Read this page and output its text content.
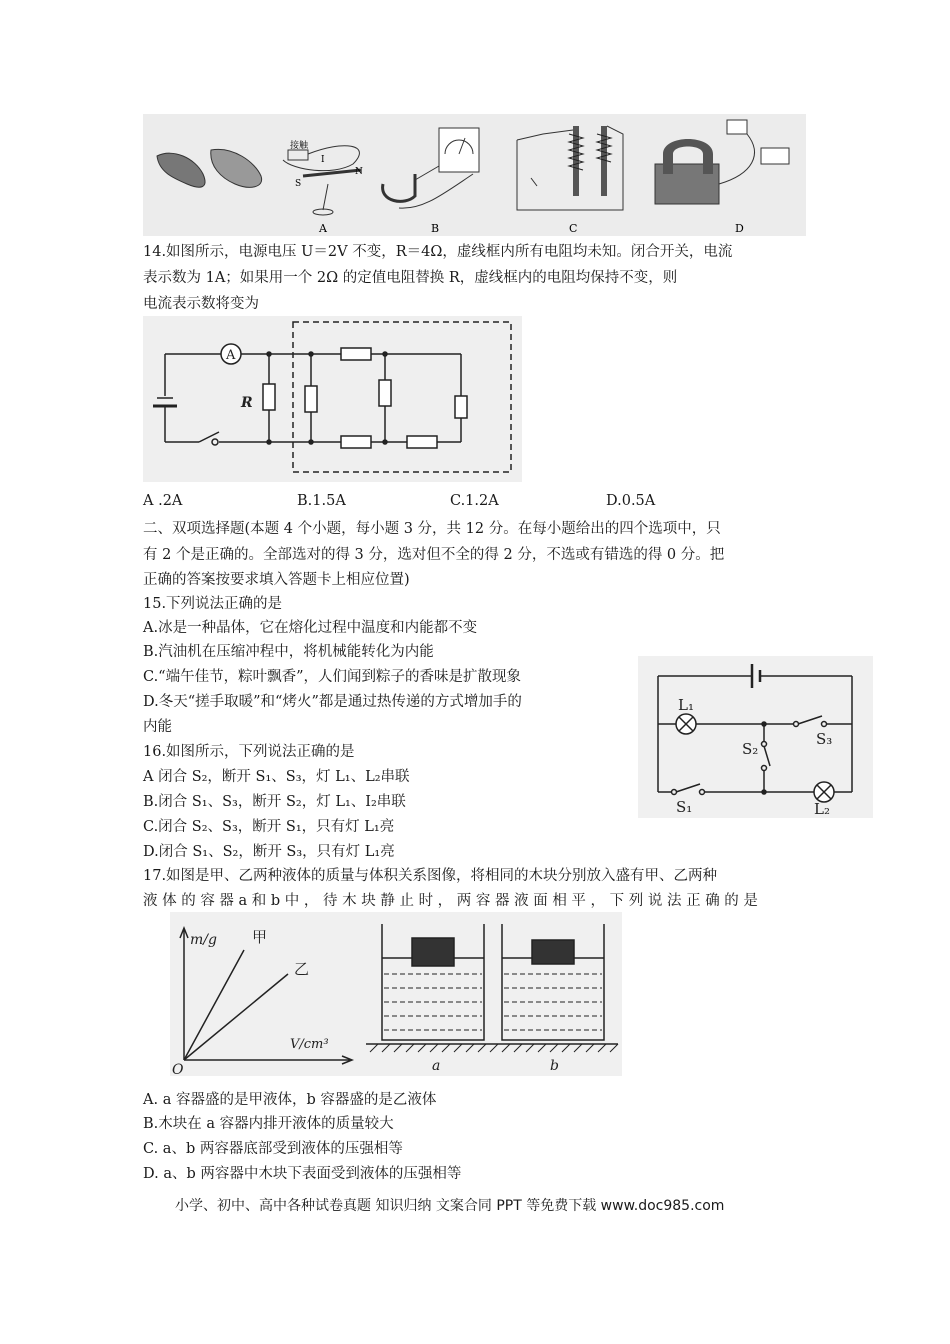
接触
S
N
I
A	B	C	D
14.如图所示，电源电压 U＝2V 不变，R＝4Ω，虚线框内所有电阻均未知。闭合开关，电流
表示数为 1A；如果用一个 2Ω 的定值电阻替换 R，虚线框内的电阻均保持不变，则
电流表示数将变为
A
R
A .2A	B.1.5A	C.1.2A	D.0.5A
二、双项选择题(本题 4 个小题，每小题 3 分，共 12 分。在每小题给出的四个选项中，只
有 2 个是正确的。全部选对的得 3 分，选对但不全的得 2 分，不选或有错选的得 0 分。把
正确的答案按要求填入答题卡上相应位置)
15.下列说法正确的是
A.冰是一种晶体，它在熔化过程中温度和内能都不变
B.汽油机在压缩冲程中，将机械能转化为内能
C.“端午佳节，粽叶飘香”，人们闻到粽子的香味是扩散现象
D.冬天“搓手取暖”和“烤火”都是通过热传递的方式增加手的
内能
L₁
S₂
S₃
S₁	L₂
16.如图所示，下列说法正确的是
A 闭合 S₂，断开 S₁、S₃，灯 L₁、L₂串联
B.闭合 S₁、S₃，断开 S₂，灯 L₁、I₂串联
C.闭合 S₂、S₃，断开 S₁，只有灯 L₁亮
D.闭合 S₁、S₂，断开 S₃，只有灯 L₁亮
17.如图是甲、乙两种液体的质量与体积关系图像，将相同的木块分别放入盛有甲、乙两种
液 体 的 容 器 a 和 b 中 ， 待 木 块 静 止 时 ， 两 容 器 液 面 相 平 ， 下 列 说 法 正 确 的 是
m/g 甲
乙
V/cm³
O	a	b
A. a 容器盛的是甲液体，b 容器盛的是乙液体
B.木块在 a 容器内排开液体的质量较大
C. a、b 两容器底部受到液体的压强相等
D. a、b 两容器中木块下表面受到液体的压强相等
小学、初中、高中各种试卷真题 知识归纳 文案合同 PPT 等免费下载 www.doc985.com
